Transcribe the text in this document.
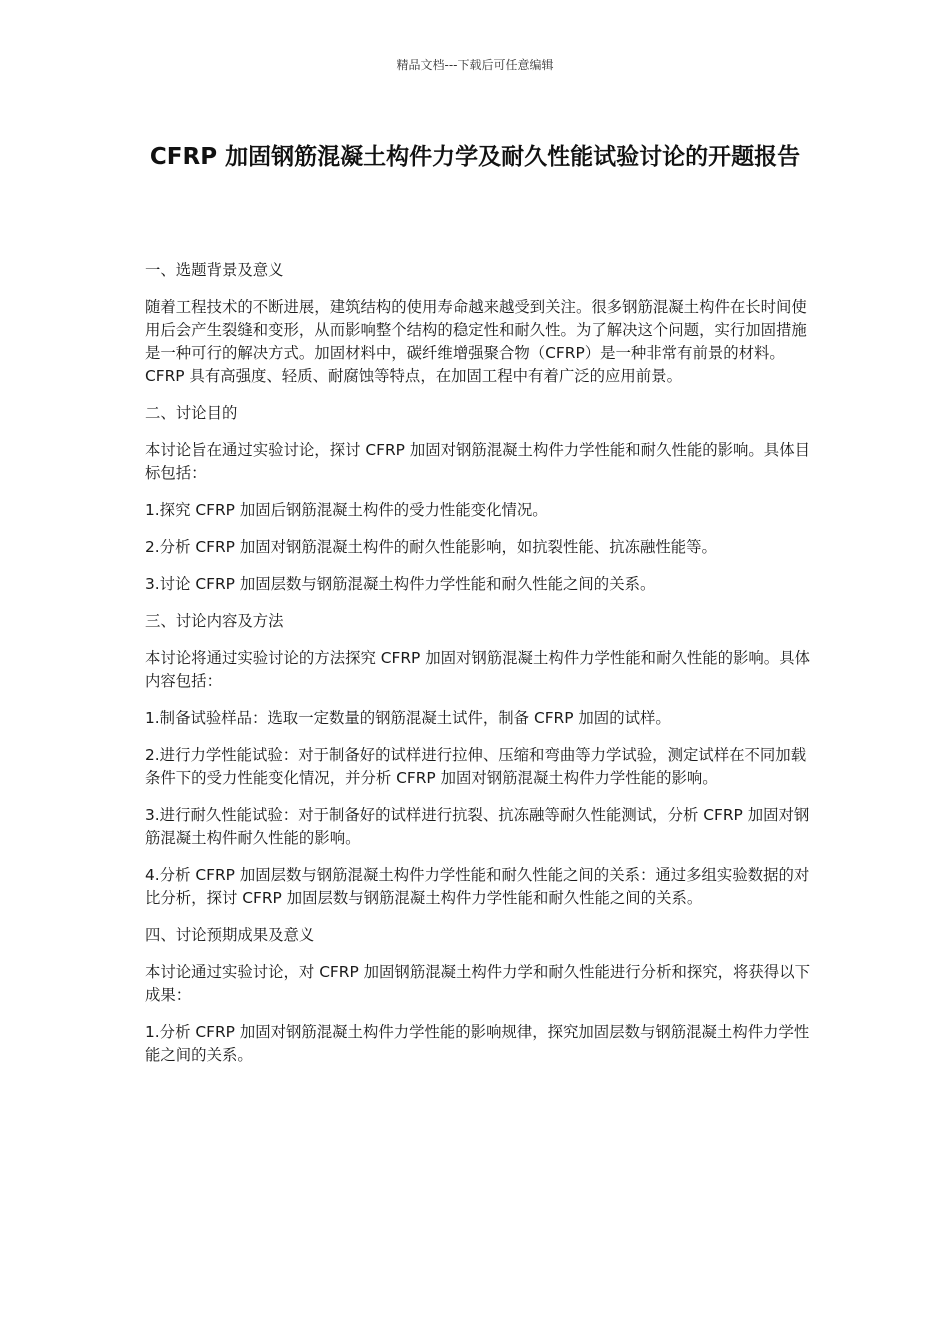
精品文档---下载后可任意编辑
CFRP 加固钢筋混凝土构件力学及耐久性能试验讨论的开题报告

一、选题背景及意义

随着工程技术的不断进展，建筑结构的使用寿命越来越受到关注。很多钢筋混凝土构件在长时间使用后会产生裂缝和变形，从而影响整个结构的稳定性和耐久性。为了解决这个问题，实行加固措施是一种可行的解决方式。加固材料中，碳纤维增强聚合物（CFRP）是一种非常有前景的材料。CFRP 具有高强度、轻质、耐腐蚀等特点，在加固工程中有着广泛的应用前景。

二、讨论目的

本讨论旨在通过实验讨论，探讨 CFRP 加固对钢筋混凝土构件力学性能和耐久性能的影响。具体目标包括：

1.探究 CFRP 加固后钢筋混凝土构件的受力性能变化情况。

2.分析 CFRP 加固对钢筋混凝土构件的耐久性能影响，如抗裂性能、抗冻融性能等。

3.讨论 CFRP 加固层数与钢筋混凝土构件力学性能和耐久性能之间的关系。

三、讨论内容及方法

本讨论将通过实验讨论的方法探究 CFRP 加固对钢筋混凝土构件力学性能和耐久性能的影响。具体内容包括：

1.制备试验样品：选取一定数量的钢筋混凝土试件，制备 CFRP 加固的试样。

2.进行力学性能试验：对于制备好的试样进行拉伸、压缩和弯曲等力学试验，测定试样在不同加载条件下的受力性能变化情况，并分析 CFRP 加固对钢筋混凝土构件力学性能的影响。

3.进行耐久性能试验：对于制备好的试样进行抗裂、抗冻融等耐久性能测试，分析 CFRP 加固对钢筋混凝土构件耐久性能的影响。

4.分析 CFRP 加固层数与钢筋混凝土构件力学性能和耐久性能之间的关系：通过多组实验数据的对比分析，探讨 CFRP 加固层数与钢筋混凝土构件力学性能和耐久性能之间的关系。

四、讨论预期成果及意义

本讨论通过实验讨论，对 CFRP 加固钢筋混凝土构件力学和耐久性能进行分析和探究，将获得以下成果：

1.分析 CFRP 加固对钢筋混凝土构件力学性能的影响规律，探究加固层数与钢筋混凝土构件力学性能之间的关系。
